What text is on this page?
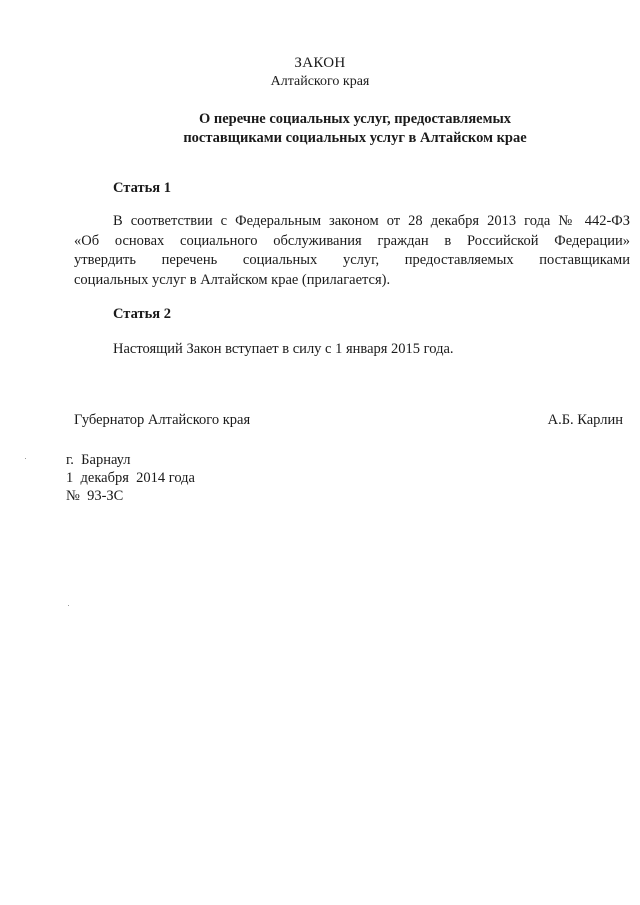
ЗАКОН
Алтайского края
О перечне социальных услуг, предоставляемых
поставщиками социальных услуг в Алтайском крае
Статья 1
В соответствии с Федеральным законом от 28 декабря 2013 года № 442-ФЗ
«Об основах социального обслуживания граждан в Российской Федерации»
утвердить перечень социальных услуг, предоставляемых поставщиками
социальных услуг в Алтайском крае (прилагается).
Статья 2
Настоящий Закон вступает в силу с 1 января 2015 года.
Губернатор Алтайского края	А.Б. Карлин
г.  Барнаул
1  декабря  2014 года
№  93-ЗС
